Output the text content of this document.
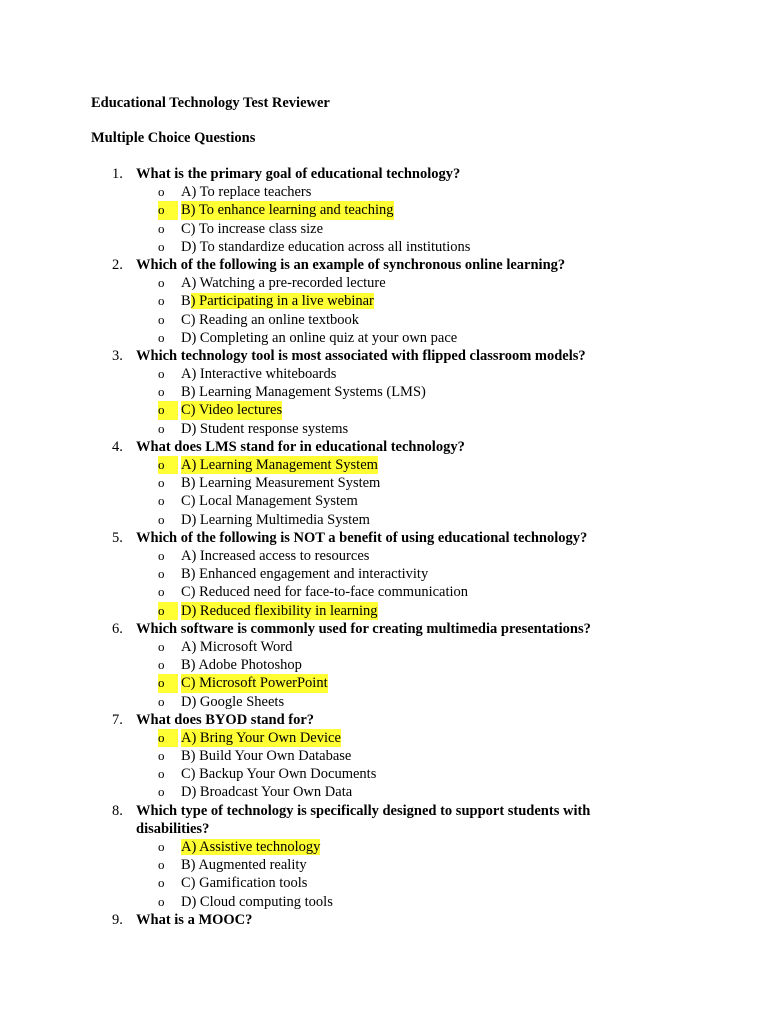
Educational Technology Test Reviewer

Multiple Choice Questions

1. What is the primary goal of educational technology?
o A) To replace teachers
o	B) To enhance learning and teaching
o C) To increase class size
o D) To standardize education across all institutions
2. Which of the following is an example of synchronous online learning?
o A) Watching a pre-recorded lecture
o B) Participating in a live webinar
o C) Reading an online textbook
o D) Completing an online quiz at your own pace
3. Which technology tool is most associated with flipped classroom models?
o A) Interactive whiteboards
o B) Learning Management Systems (LMS)
o	C) Video lectures
o D) Student response systems
4. What does LMS stand for in educational technology?
o	A) Learning Management System
o B) Learning Measurement System
o C) Local Management System
o D) Learning Multimedia System
5. Which of the following is NOT a benefit of using educational technology?
o A) Increased access to resources
o B) Enhanced engagement and interactivity
o C) Reduced need for face-to-face communication
o	D) Reduced flexibility in learning
6. Which software is commonly used for creating multimedia presentations?
o A) Microsoft Word
o B) Adobe Photoshop
o	C) Microsoft PowerPoint
o D) Google Sheets
7. What does BYOD stand for?
o	A) Bring Your Own Device
o B) Build Your Own Database
o C) Backup Your Own Documents
o D) Broadcast Your Own Data
8. Which type of technology is specifically designed to support students with disabilities?
o A) Assistive technology
o B) Augmented reality
o C) Gamification tools
o D) Cloud computing tools
9. What is a MOOC?
